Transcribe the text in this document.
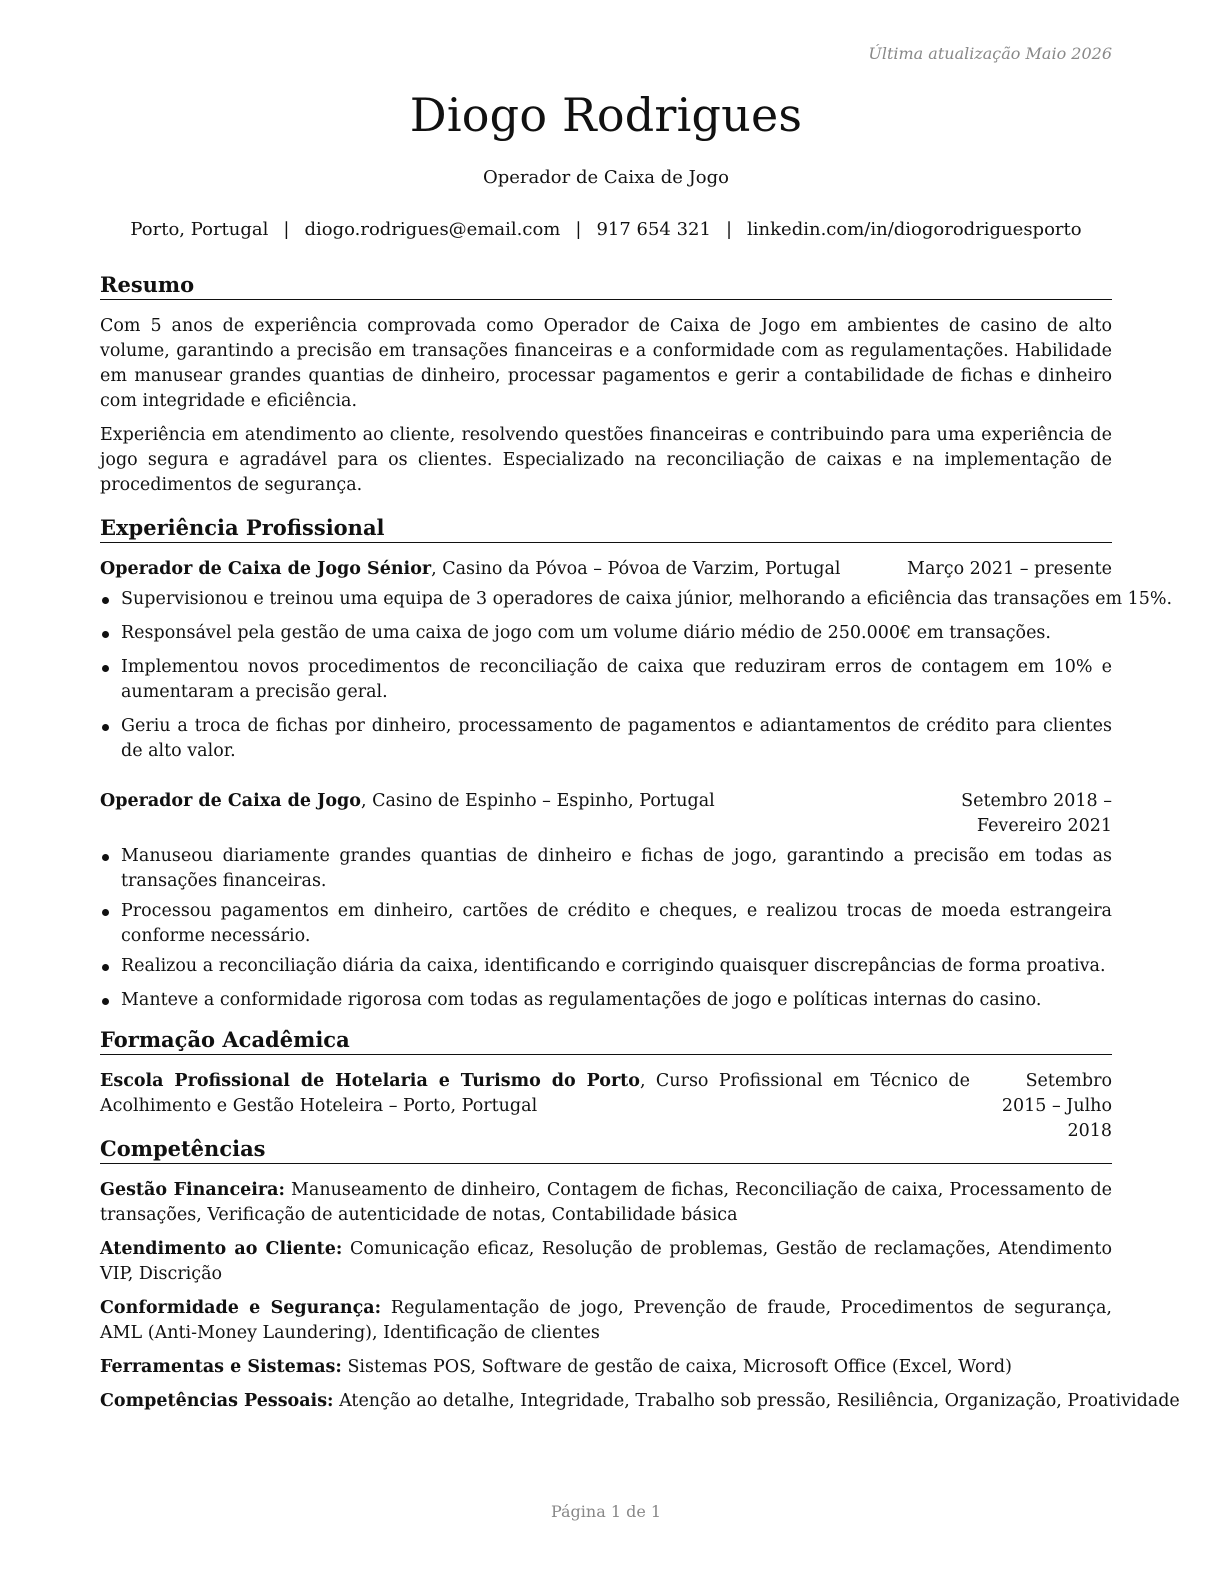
Última atualização Maio 2026
Diogo Rodrigues
Operador de Caixa de Jogo
Porto, Portugal | diogo.rodrigues@email.com | 917 654 321 | linkedin.com/in/diogorodriguesporto
Resumo

Com 5 anos de experiência comprovada como Operador de Caixa de Jogo em ambientes de casino de alto volume, garantindo a precisão em transações financeiras e a conformidade com as regulamentações. Habilidade em manusear grandes quantias de dinheiro, processar pagamentos e gerir a contabilidade de fichas e dinheiro com integridade e eficiência.

Experiência em atendimento ao cliente, resolvendo questões financeiras e contribuindo para uma experiência de jogo segura e agradável para os clientes. Especializado na reconciliação de caixas e na implementação de procedimentos de segurança.

Experiência Profissional
Operador de Caixa de Jogo Sénior, Casino da Póvoa – Póvoa de Varzim, Portugal	Março 2021 – presente
Supervisionou e treinou uma equipa de 3 operadores de caixa júnior, melhorando a eficiência das transações em 15%.
Responsável pela gestão de uma caixa de jogo com um volume diário médio de 250.000€ em transações.
Implementou novos procedimentos de reconciliação de caixa que reduziram erros de contagem em 10% e aumentaram a precisão geral.
Geriu a troca de fichas por dinheiro, processamento de pagamentos e adiantamentos de crédito para clientes de alto valor.
Operador de Caixa de Jogo, Casino de Espinho – Espinho, Portugal	Setembro 2018 – Fevereiro 2021
Manuseou diariamente grandes quantias de dinheiro e fichas de jogo, garantindo a precisão em todas as transações financeiras.
Processou pagamentos em dinheiro, cartões de crédito e cheques, e realizou trocas de moeda estrangeira conforme necessário.
Realizou a reconciliação diária da caixa, identificando e corrigindo quaisquer discrepâncias de forma proativa.
Manteve a conformidade rigorosa com todas as regulamentações de jogo e políticas internas do casino.
Formação Acadêmica
Escola Profissional de Hotelaria e Turismo do Porto, Curso Profissional em Técnico de Acolhimento e Gestão Hoteleira – Porto, Portugal
Setembro 2015 – Julho 2018
Competências
Gestão Financeira: Manuseamento de dinheiro, Contagem de fichas, Reconciliação de caixa, Processamento de transações, Verificação de autenticidade de notas, Contabilidade básica
Atendimento ao Cliente: Comunicação eficaz, Resolução de problemas, Gestão de reclamações, Atendimento VIP, Discrição
Conformidade e Segurança: Regulamentação de jogo, Prevenção de fraude, Procedimentos de segurança, AML (Anti-Money Laundering), Identificação de clientes
Ferramentas e Sistemas: Sistemas POS, Software de gestão de caixa, Microsoft Office (Excel, Word)
Competências Pessoais: Atenção ao detalhe, Integridade, Trabalho sob pressão, Resiliência, Organização, Proatividade
Página 1 de 1
